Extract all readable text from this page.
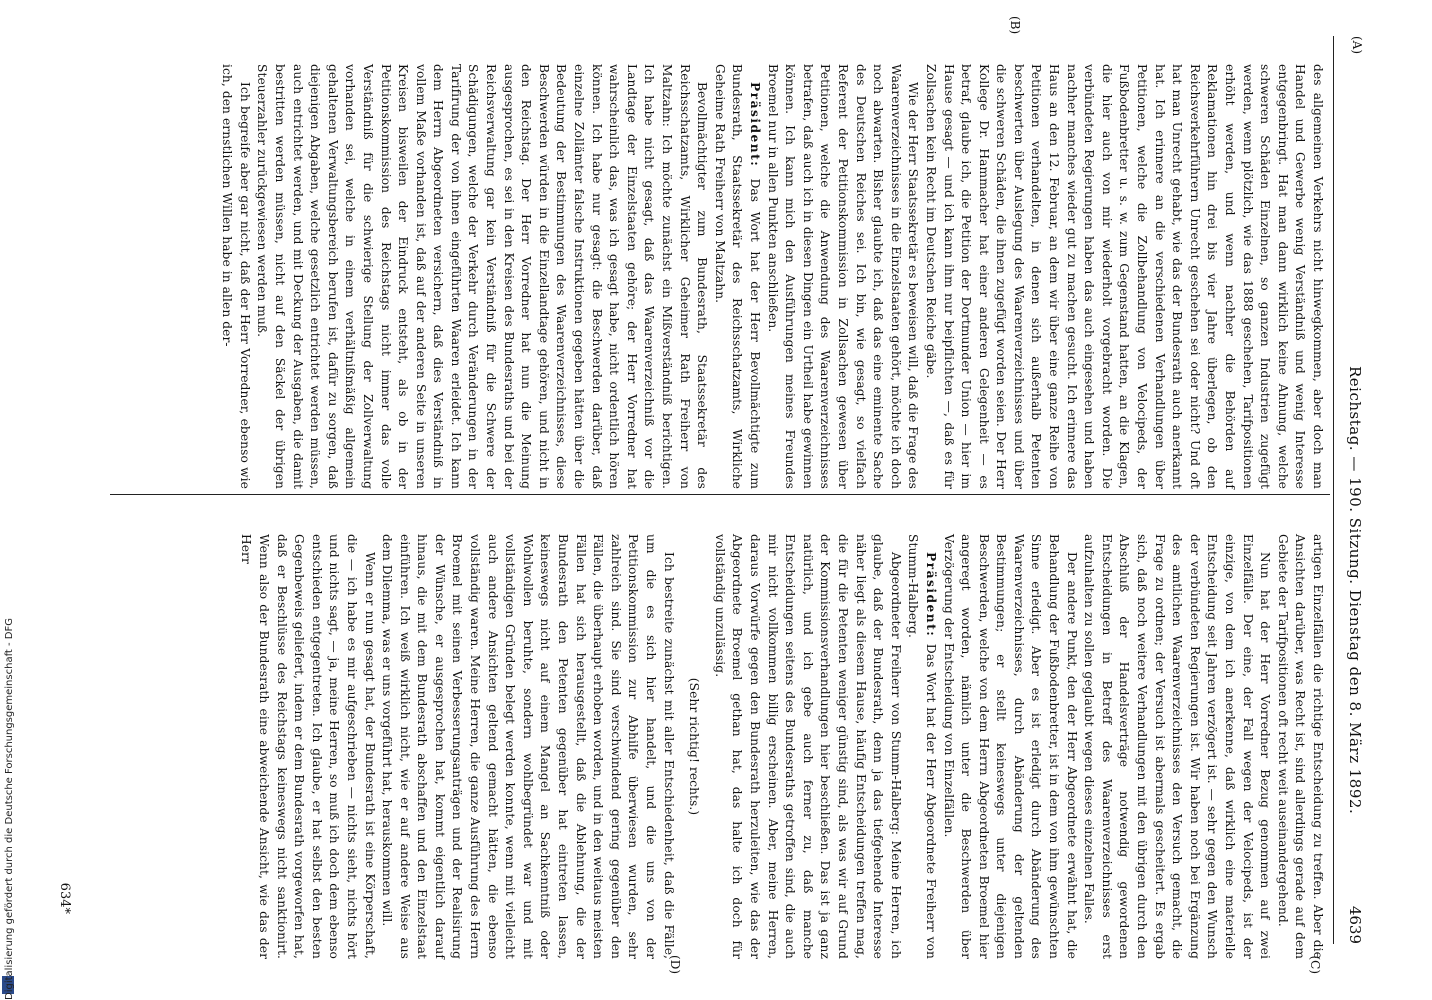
Digitalisierung gefördert durch die Deutsche Forschungsgemeinschaft - DFG
(A)
Reichstag. — 190. Sitzung. Dienstag den 8. März 1892.
4639
(B)
(C)
(D)

des allgemeinen Verkehrs nicht hinwegkommen, aber doch man Handel und Gewerbe wenig Verständniß und wenig Interesse entgegenbringt. Hat man dann wirklich keine Ahnung, welche schweren Schäden Einzelnen, so ganzen Industrien zugefügt werden, wenn plötzlich, wie das 1888 geschehen, Tarifpositionen erhöht werden, und wenn nachher die Behörden auf Reklamationen hin drei bis vier Jahre überlegen, ob den Reichsverkehrführern Unrecht geschehen sei oder nicht? Und oft hat man Unrecht gehabt, wie das der Bundesrath auch anerkannt hat. Ich erinnere an die verschiedenen Verhandlungen über Petitionen, welche die Zollbehandlung von Velocipeds, der Fußbodenbretter u. s. w. zum Gegenstand hatten, an die Klagen, die hier auch von mir wiederholt vorgebracht worden. Die verbündeten Regierungen haben das auch eingesehen und haben nachher manches wieder gut zu machen gesucht. Ich erinnere das Haus an den 12. Februar, an dem wir über eine ganze Reihe von Petitionen verhandelten, in denen sich außerhalb Petenten beschwerten über Auslegung des Waarenverzeichnisses und über die schweren Schäden, die ihnen zugefügt worden seien. Der Herr Kollege Dr. Hammacher hat einer anderen Gelegenheit — es betraf, glaube ich, die Petition der Dortmunder Union — hier im Hause gesagt — und ich kann ihm nur beipflichten —, daß es für Zollsachen kein Recht im Deutschen Reiche gäbe.

Wie der Herr Staatssekretär es beweisen will, daß die Frage des Waarenverzeichnisses in die Einzelstaaten gehört, möchte ich doch noch abwarten. Bisher glaubte ich, daß das eine eminente Sache des Deutschen Reiches sei. Ich bin, wie gesagt, so vielfach Referent der Petitionskommission in Zollsachen gewesen über Petitionen, welche die Anwendung des Waarenverzeichnisses betrafen, daß auch ich in diesen Dingen ein Urtheil habe gewinnen können. Ich kann mich den Ausführungen meines Freundes Broemel nur in allen Punkten anschließen.

Präsident: Das Wort hat der Herr Bevollmächtigte zum Bundesrath, Staatssekretär des Reichsschatzamts, Wirkliche Geheime Rath Freiherr von Maltzahn.

Bevollmächtigter zum Bundesrath, Staatssekretär des Reichsschatzamts, Wirklicher Geheimer Rath Freiherr von Maltzahn: Ich möchte zunächst ein Mißverständniß berichtigen. Ich habe nicht gesagt, daß das Waarenverzeichniß vor die Landtage der Einzelstaaten gehöre; der Herr Vorredner hat wahrscheinlich das, was ich gesagt habe, nicht ordentlich hören können. Ich habe nur gesagt: die Beschwerden darüber, daß einzelne Zollämter falsche Instruktionen gegeben hätten über die Bedeutung der Bestimmungen des Waarenverzeichnisses, diese Beschwerden würden in die Einzellandtage gehören, und nicht in den Reichstag. Der Herr Vorredner hat nun die Meinung ausgesprochen, es sei in den Kreisen des Bundesraths und bei der Reichsverwaltung gar kein Verständniß für die Schwere der Schädigungen, welche der Verkehr durch Veränderungen in der Tarifirung der von ihnen eingeführten Waaren erleidet. Ich kann dem Herrn Abgeordneten versichern, daß dies Verständniß in vollem Maße vorhanden ist, daß auf der anderen Seite in unseren Kreisen bisweilen der Eindruck entsteht, als ob in der Petitionskommission des Reichstags nicht immer das volle Verständniß für die schwierige Stellung der Zollverwaltung vorhanden sei, welche in einem verhältnißmäßig allgemein gehaltenen Verwaltungsbereich berufen ist, dafür zu sorgen, daß diejenigen Abgaben, welche gesetzlich entrichtet werden müssen, auch entrichtet werden, und mit Deckung der Ausgaben, die damit bestritten werden müssen, nicht auf den Säckel der übrigen Steuerzahler zurückgewiesen werden muß.

Ich begreife aber gar nicht, daß der Herr Vorredner, ebenso wie ich, den ernstlichen Willen habe in allen der-

artigen Einzelfällen die richtige Entscheidung zu treffen. Aber die Ansichten darüber, was Recht ist, sind allerdings gerade auf dem Gebiete der Tarifpositionen oft recht weit auseinandergehend.

Nun hat der Herr Vorredner Bezug genommen auf zwei Einzelfälle. Der eine, der Fall wegen der Velocipeds, ist der einzige, von dem ich anerkenne, daß wirklich eine materielle Entscheidung seit Jahren verzögert ist. — sehr gegen den Wunsch der verbündeten Regierungen ist. Wir haben noch bei Ergänzung des amtlichen Waarenverzeichnisses den Versuch gemacht, die Frage zu ordnen; der Versuch ist abermals gescheitert. Es ergab sich, daß noch weitere Verhandlungen mit den übrigen durch den Abschluß der Handelsverträge notwendig gewordenen Entscheidungen in Betreff des Waarenverzeichnisses erst aufzuhalten zu sollen geglaubt wegen dieses einzelnen Falles.

Der andere Punkt, den der Herr Abgeordnete erwähnt hat, die Behandlung der Fußbodenbretter, ist in dem von ihm gewünschten Sinne erledigt. Aber es ist erledigt durch Abänderung des Waarenverzeichnisses, durch Abänderung der geltenden Bestimmungen; er stellt keineswegs unter diejenigen Beschwerden, welche von dem Herrn Abgeordneten Broemel hier angeregt worden, nämlich unter die Beschwerden über Verzögerung der Entscheidung von Einzelfällen.

Präsident: Das Wort hat der Herr Abgeordnete Freiherr von Stumm-Halberg.

Abgeordneter Freiherr von Stumm-Halberg: Meine Herren, ich glaube, daß der Bundesrath, denn ja das tiefgehende Interesse näher liegt als diesem Hause, häufig Entscheidungen treffen mag, die für die Petenten weniger günstig sind, als was wir auf Grund der Kommissionsverhandlungen hier beschließen. Das ist ja ganz natürlich, und ich gebe auch ferner zu, daß manche Entscheidungen seitens des Bundesraths getroffen sind, die auch mir nicht vollkommen billig erscheinen. Aber, meine Herren, daraus Vorwürfe gegen den Bundesrath herzuleiten, wie das der Abgeordnete Broemel gethan hat, das halte ich doch für vollständig unzulässig.

(Sehr richtig! rechts.)

Ich bestreite zunächst mit aller Entschiedenheit, daß die Fälle, um die es sich hier handelt, und die uns von der Petitionskommission zur Abhilfe überwiesen wurden, sehr zahlreich sind. Sie sind verschwindend gering gegenüber den Fällen, die überhaupt erhoben worden, und in den weitaus meisten Fällen hat sich herausgestellt, daß die Ablehnung, die der Bundesrath den Petenten gegenüber hat eintreten lassen, keineswegs nicht auf einem Mangel an Sachkenntniß oder Wohlwollen beruhte, sondern wohlbegründet war und mit vollständigen Gründen belegt werden konnte, wenn mit vielleicht auch andere Ansichten geltend gemacht hätten, die ebenso vollständig waren. Meine Herren, die ganze Ausführung des Herrn Broemel mit seinen Verbesserungsanträgen und der Realisirung der Wünsche, er ausgesprochen hat, kommt eigentlich darauf hinaus, die mit dem Bundesrath abschaffen und den Einzelstaat einführen. Ich weiß wirklich nicht, wie er auf andere Weise aus dem Dilemma, was er uns vorgeführt hat, herauskommen will.

Wenn er nun gesagt hat, der Bundesrath ist eine Körperschaft, die — ich habe es mir aufgeschrieben — nichts sieht, nichts hört und nichts sagt, — ja, meine Herren, so muß ich doch dem ebenso entschieden entgegentreten. Ich glaube, er hat selbst den besten Gegenbeweis geliefert, indem er dem Bundesrath vorgeworfen hat, daß er Beschlüsse des Reichstags keineswegs nicht sanktionirt. Wenn also der Bundesrath eine abweichende Ansicht, wie das der Herr

634*
